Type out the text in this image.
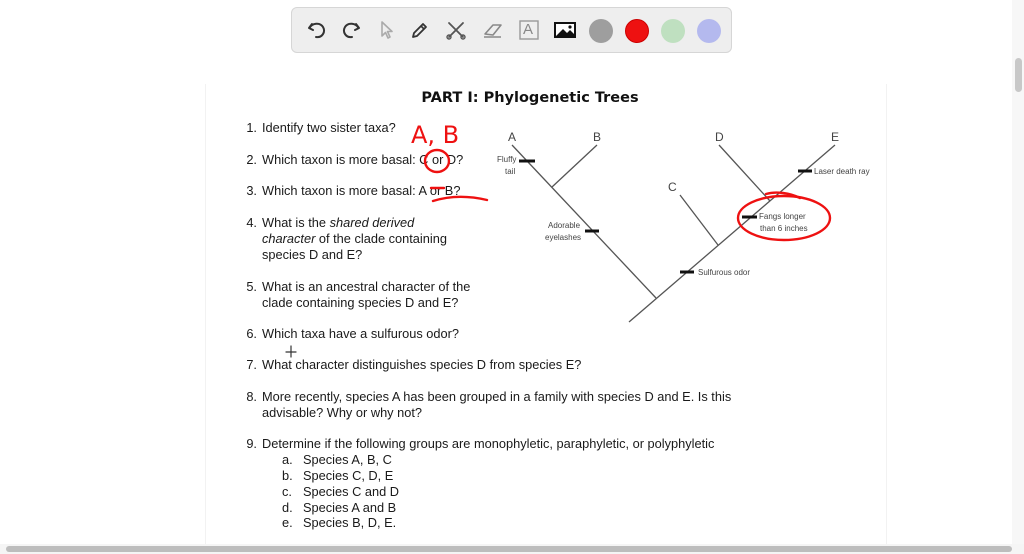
A
PART I: Phylogenetic Trees
1. Identify two sister taxa?
2. Which taxon is more basal: C or D?
3. Which taxon is more basal: A or B?
4. What is the shared derived
character of the clade containing
species D and E?
5. What is an ancestral character of the
clade containing species D and E?
6. Which taxa have a sulfurous odor?
7. What character distinguishes species D from species E?
8. More recently, species A has been grouped in a family with species D and E. Is this
advisable? Why or why not?
9. Determine if the following groups are monophyletic, paraphyletic, or polyphyletic
a. Species A, B, C
b. Species C, D, E
c. Species C and D
d. Species A and B
e. Species B, D, E.
A	B
C
D	E
Fluffy
tail
Adorable
eyelashes
Sulfurous odor
Laser death ray
Fangs longer
than 6 inches
A, B
